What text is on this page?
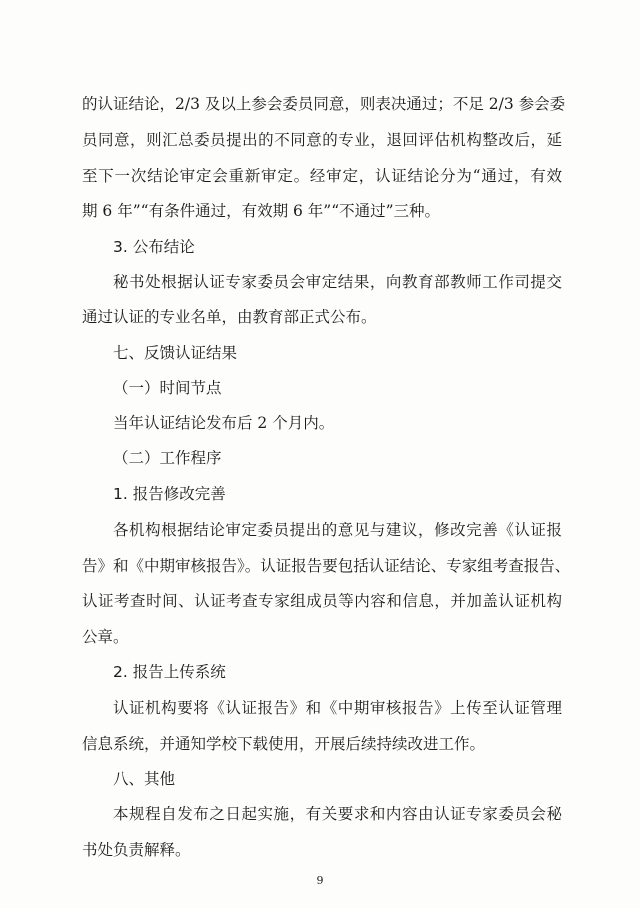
的认证结论，2/3 及以上参会委员同意，则表决通过；不足 2/3 参会委
员同意，则汇总委员提出的不同意的专业，退回评估机构整改后，延
至下一次结论审定会重新审定。经审定，认证结论分为“通过，有效
期 6 年”“有条件通过，有效期 6 年”“不通过”三种。
3. 公布结论
秘书处根据认证专家委员会审定结果，向教育部教师工作司提交
通过认证的专业名单，由教育部正式公布。
七、反馈认证结果
（一）时间节点
当年认证结论发布后 2 个月内。
（二）工作程序
1. 报告修改完善
各机构根据结论审定委员提出的意见与建议，修改完善《认证报
告》和《中期审核报告》。认证报告要包括认证结论、专家组考查报告、
认证考查时间、认证考查专家组成员等内容和信息，并加盖认证机构
公章。
2. 报告上传系统
认证机构要将《认证报告》和《中期审核报告》上传至认证管理
信息系统，并通知学校下载使用，开展后续持续改进工作。
八、其他
本规程自发布之日起实施，有关要求和内容由认证专家委员会秘
书处负责解释。
9
